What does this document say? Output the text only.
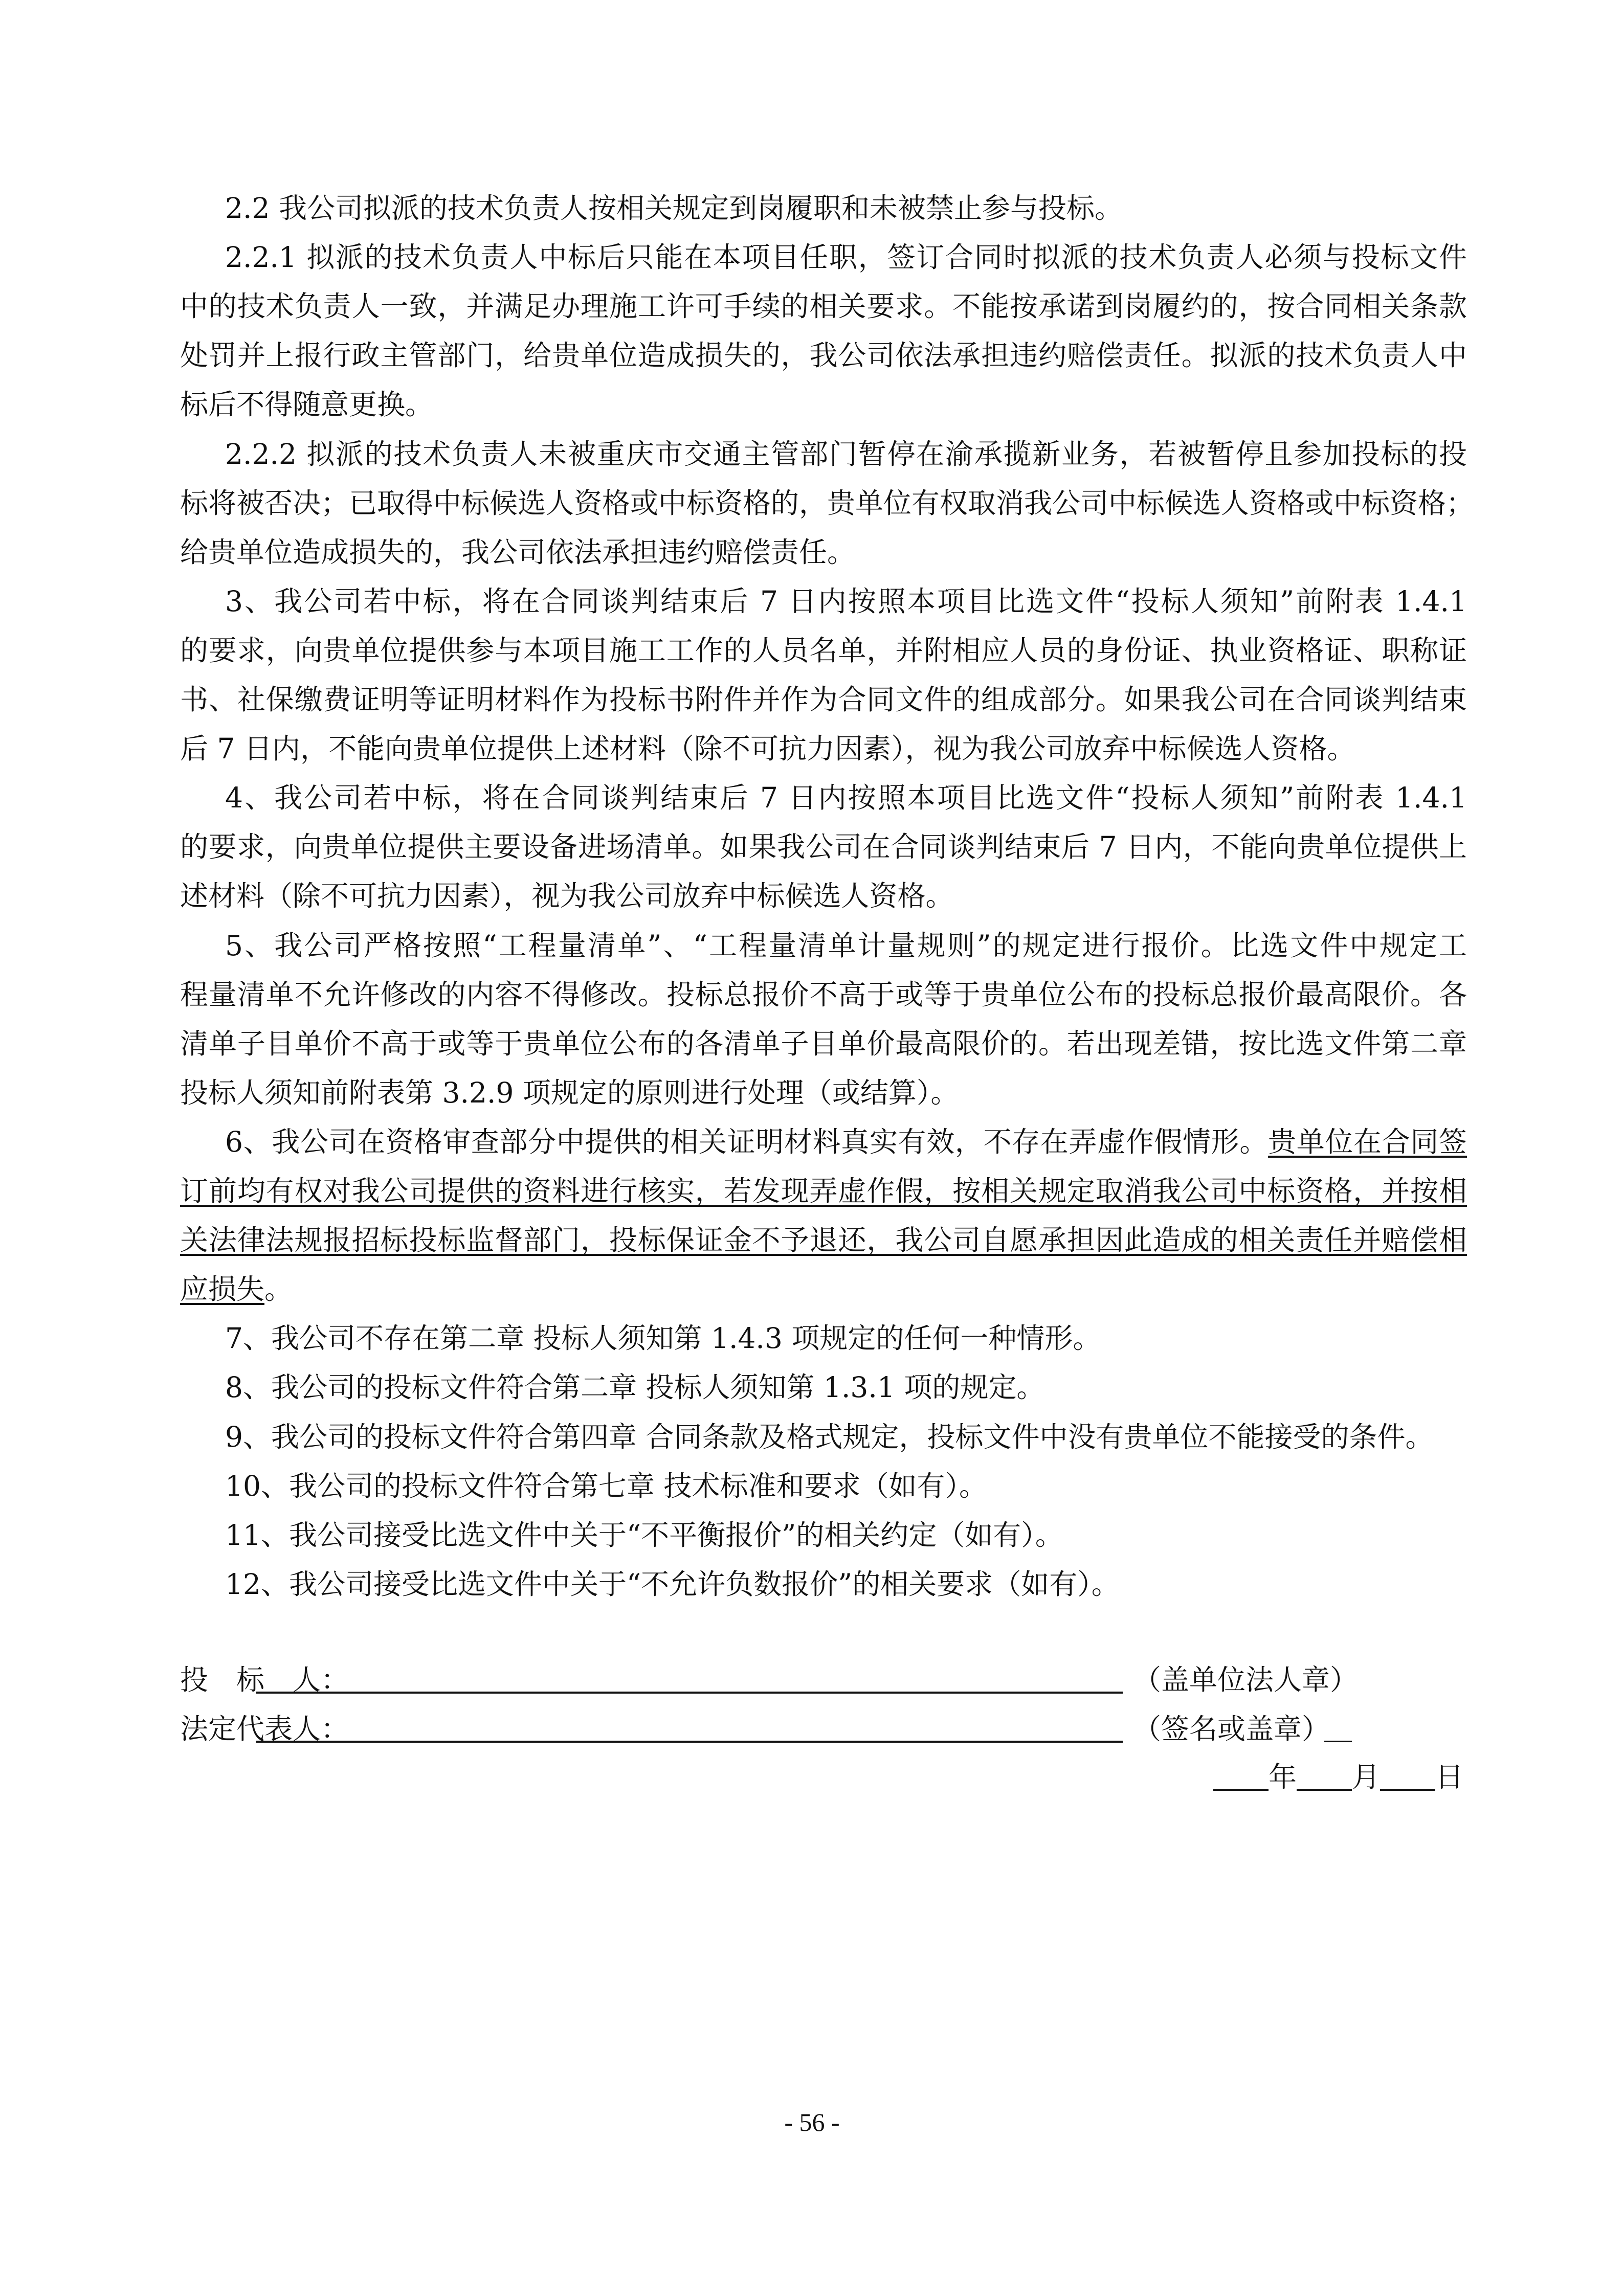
2.2 我公司拟派的技术负责人按相关规定到岗履职和未被禁止参与投标。
2.2.1 拟派的技术负责人中标后只能在本项目任职，签订合同时拟派的技术负责人必须与投标文件
中的技术负责人一致，并满足办理施工许可手续的相关要求。不能按承诺到岗履约的，按合同相关条款
处罚并上报行政主管部门，给贵单位造成损失的，我公司依法承担违约赔偿责任。拟派的技术负责人中
标后不得随意更换。
2.2.2 拟派的技术负责人未被重庆市交通主管部门暂停在渝承揽新业务，若被暂停且参加投标的投
标将被否决；已取得中标候选人资格或中标资格的，贵单位有权取消我公司中标候选人资格或中标资格；
给贵单位造成损失的，我公司依法承担违约赔偿责任。
3、我公司若中标，将在合同谈判结束后 7 日内按照本项目比选文件“投标人须知”前附表 1.4.1
的要求，向贵单位提供参与本项目施工工作的人员名单，并附相应人员的身份证、执业资格证、职称证
书、社保缴费证明等证明材料作为投标书附件并作为合同文件的组成部分。如果我公司在合同谈判结束
后 7 日内，不能向贵单位提供上述材料（除不可抗力因素），视为我公司放弃中标候选人资格。
4、我公司若中标，将在合同谈判结束后 7 日内按照本项目比选文件“投标人须知”前附表 1.4.1
的要求，向贵单位提供主要设备进场清单。如果我公司在合同谈判结束后 7 日内，不能向贵单位提供上
述材料（除不可抗力因素），视为我公司放弃中标候选人资格。
5、我公司严格按照“工程量清单”、“工程量清单计量规则”的规定进行报价。比选文件中规定工
程量清单不允许修改的内容不得修改。投标总报价不高于或等于贵单位公布的投标总报价最高限价。各
清单子目单价不高于或等于贵单位公布的各清单子目单价最高限价的。若出现差错，按比选文件第二章
投标人须知前附表第 3.2.9 项规定的原则进行处理（或结算）。
6、我公司在资格审查部分中提供的相关证明材料真实有效，不存在弄虚作假情形。贵单位在合同签
订前均有权对我公司提供的资料进行核实，若发现弄虚作假，按相关规定取消我公司中标资格，并按相
关法律法规报招标投标监督部门，投标保证金不予退还，我公司自愿承担因此造成的相关责任并赔偿相
应损失。
7、我公司不存在第二章 投标人须知第 1.4.3 项规定的任何一种情形。
8、我公司的投标文件符合第二章 投标人须知第 1.3.1 项的规定。
9、我公司的投标文件符合第四章 合同条款及格式规定，投标文件中没有贵单位不能接受的条件。
10、我公司的投标文件符合第七章 技术标准和要求（如有）。
11、我公司接受比选文件中关于“不平衡报价”的相关约定（如有）。
12、我公司接受比选文件中关于“不允许负数报价”的相关要求（如有）。
投　标　人：	（盖单位法人章）
法定代表人：	（签名或盖章）
年 月 日
- 56 -
